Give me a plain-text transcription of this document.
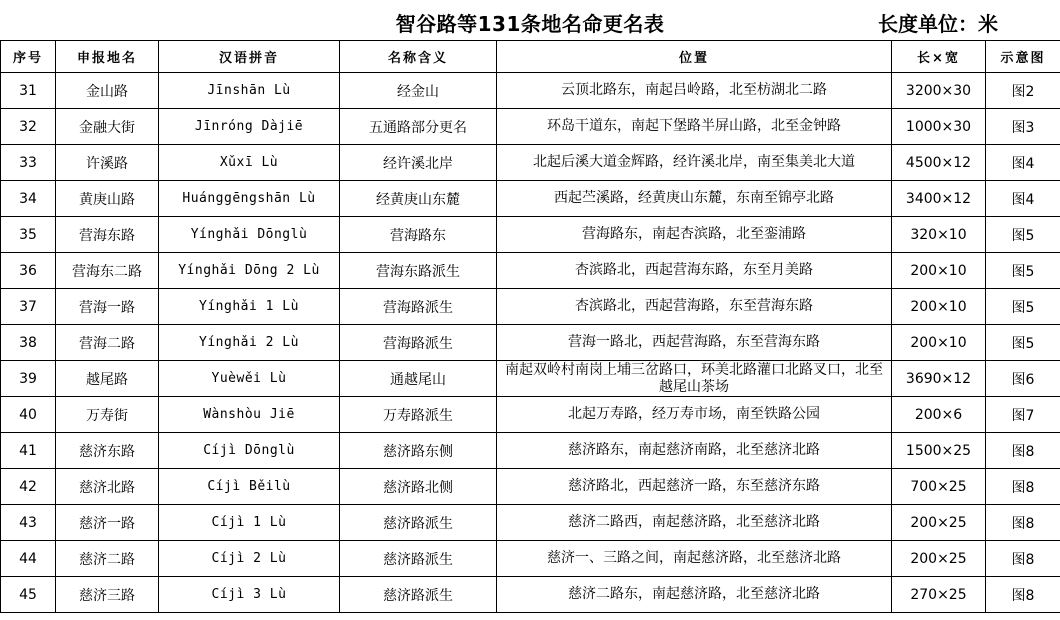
智谷路等131条地名命更名表	长度单位：米
序号	申报地名	汉语拼音	名称含义	位置	长×宽	示意图
31	金山路	Jīnshān Lù	经金山	云顶北路东，南起吕岭路，北至枋湖北二路	3200×30	图2
32	金融大街	Jīnróng Dàjiē	五通路部分更名	环岛干道东，南起下堡路半屏山路，北至金钟路	1000×30	图3
33	许溪路	Xǔxī Lù	经许溪北岸	北起后溪大道金辉路，经许溪北岸，南至集美北大道	4500×12	图4
34	黄庚山路	Huánggēngshān Lù	经黄庚山东麓	西起苎溪路，经黄庚山东麓，东南至锦亭北路	3400×12	图4
35	营海东路	Yínghǎi Dōnglù	营海路东	营海路东，南起杏滨路，北至銮浦路	320×10	图5
36	营海东二路	Yínghǎi Dōng 2 Lù	营海东路派生	杏滨路北，西起营海东路，东至月美路	200×10	图5
37	营海一路	Yínghǎi 1 Lù	营海路派生	杏滨路北，西起营海路，东至营海东路	200×10	图5
38	营海二路	Yínghǎi 2 Lù	营海路派生	营海一路北，西起营海路，东至营海东路	200×10	图5
39	越尾路	Yuèwěi Lù	通越尾山	南起双岭村南岗上埔三岔路口，环美北路灌口北路叉口，北至越尾山茶场	3690×12	图6
40	万寿街	Wànshòu Jiē	万寿路派生	北起万寿路，经万寿市场，南至铁路公园	200×6	图7
41	慈济东路	Cíjì Dōnglù	慈济路东侧	慈济路东，南起慈济南路，北至慈济北路	1500×25	图8
42	慈济北路	Cíjì Běilù	慈济路北侧	慈济路北，西起慈济一路，东至慈济东路	700×25	图8
43	慈济一路	Cíjì 1 Lù	慈济路派生	慈济二路西，南起慈济路，北至慈济北路	200×25	图8
44	慈济二路	Cíjì 2 Lù	慈济路派生	慈济一、三路之间，南起慈济路，北至慈济北路	200×25	图8
45	慈济三路	Cíjì 3 Lù	慈济路派生	慈济二路东，南起慈济路，北至慈济北路	270×25	图8
